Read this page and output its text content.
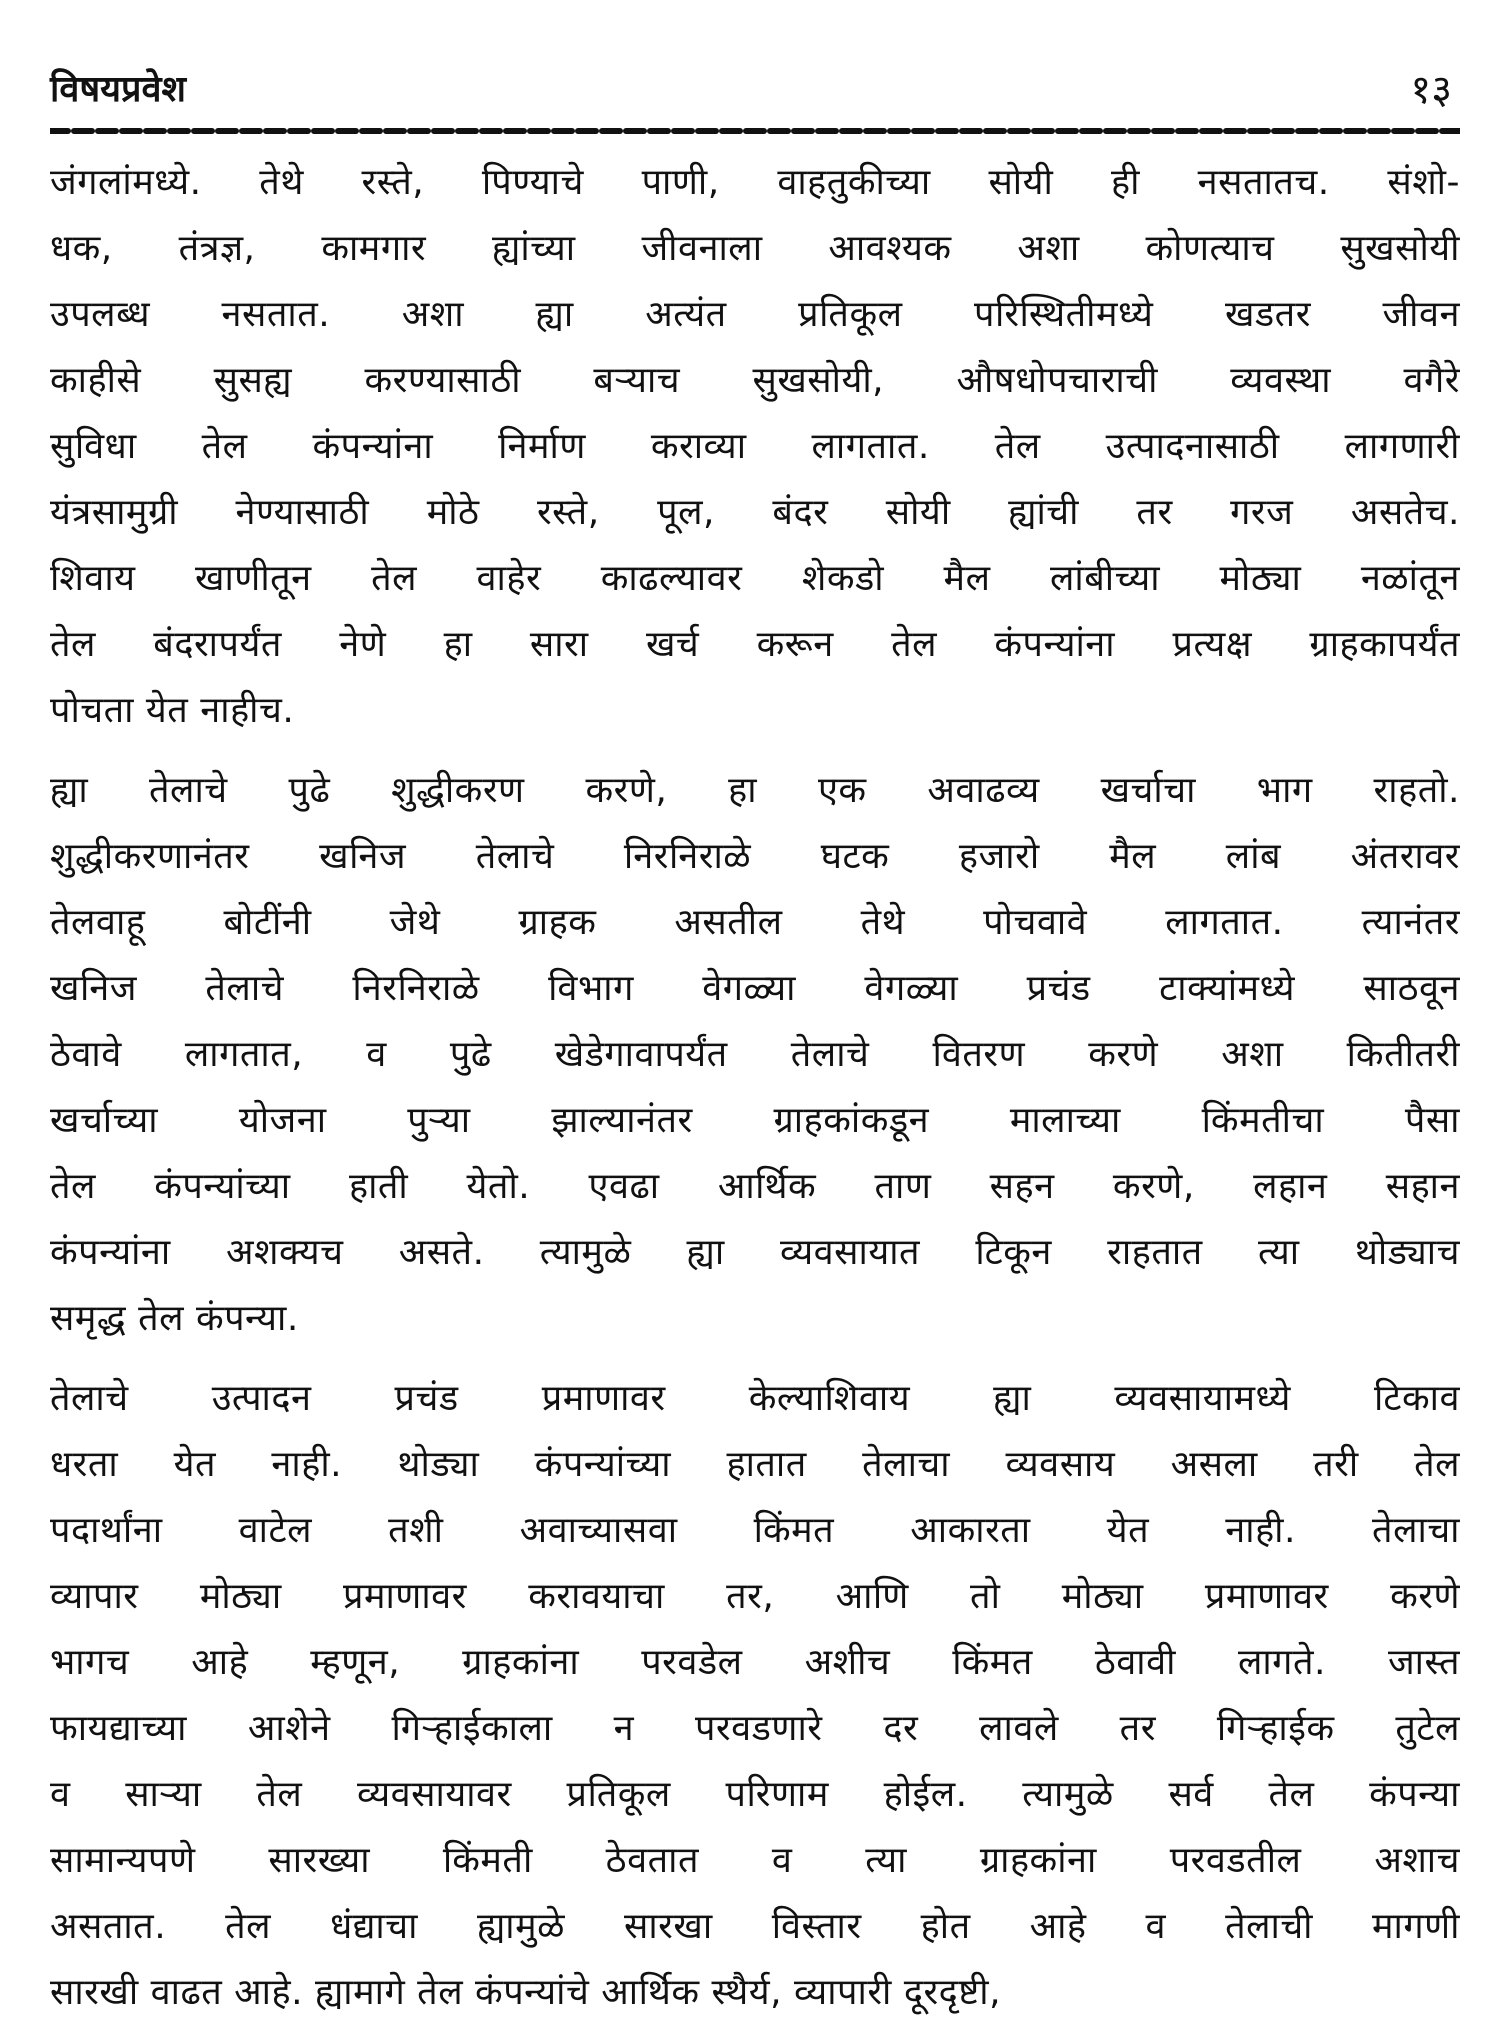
विषयप्रवेश	१३
जंगलांमध्ये. तेथे रस्ते, पिण्याचे पाणी, वाहतुकीच्या सोयी ही नसतातच. संशो-
धक, तंत्रज्ञ, कामगार ह्यांच्या जीवनाला आवश्यक अशा कोणत्याच सुखसोयी
उपलब्ध नसतात. अशा ह्या अत्यंत प्रतिकूल परिस्थितीमध्ये खडतर जीवन
काहीसे सुसह्य करण्यासाठी बऱ्याच सुखसोयी, औषधोपचाराची व्यवस्था वगैरे
सुविधा तेल कंपन्यांना निर्माण कराव्या लागतात. तेल उत्पादनासाठी लागणारी
यंत्रसामुग्री नेण्यासाठी मोठे रस्ते, पूल, बंदर सोयी ह्यांची तर गरज असतेच.
शिवाय खाणीतून तेल वाहेर काढल्यावर शेकडो मैल लांबीच्या मोठ्या नळांतून
तेल बंदरापर्यंत नेणे हा सारा खर्च करून तेल कंपन्यांना प्रत्यक्ष ग्राहकापर्यंत
पोचता येत नाहीच.
ह्या तेलाचे पुढे शुद्धीकरण करणे, हा एक अवाढव्य खर्चाचा भाग राहतो.
शुद्धीकरणानंतर खनिज तेलाचे निरनिराळे घटक हजारो मैल लांब अंतरावर
तेलवाहू बोटींनी जेथे ग्राहक असतील तेथे पोचवावे लागतात. त्यानंतर
खनिज तेलाचे निरनिराळे विभाग वेगळ्या वेगळ्या प्रचंड टाक्यांमध्ये साठवून
ठेवावे लागतात, व पुढे खेडेगावापर्यंत तेलाचे वितरण करणे अशा कितीतरी
खर्चाच्या योजना पुऱ्या झाल्यानंतर ग्राहकांकडून मालाच्या किंमतीचा पैसा
तेल कंपन्यांच्या हाती येतो. एवढा आर्थिक ताण सहन करणे, लहान सहान
कंपन्यांना अशक्यच असते. त्यामुळे ह्या व्यवसायात टिकून राहतात त्या थोड्याच
समृद्ध तेल कंपन्या.
तेलाचे उत्पादन प्रचंड प्रमाणावर केल्याशिवाय ह्या व्यवसायामध्ये टिकाव
धरता येत नाही. थोड्या कंपन्यांच्या हातात तेलाचा व्यवसाय असला तरी तेल
पदार्थांना वाटेल तशी अवाच्यासवा किंमत आकारता येत नाही. तेलाचा
व्यापार मोठ्या प्रमाणावर करावयाचा तर, आणि तो मोठ्या प्रमाणावर करणे
भागच आहे म्हणून, ग्राहकांना परवडेल अशीच किंमत ठेवावी लागते. जास्त
फायद्याच्या आशेने गिऱ्हाईकाला न परवडणारे दर लावले तर गिऱ्हाईक तुटेल
व साऱ्या तेल व्यवसायावर प्रतिकूल परिणाम होईल. त्यामुळे सर्व तेल कंपन्या
सामान्यपणे सारख्या किंमती ठेवतात व त्या ग्राहकांना परवडतील अशाच
असतात. तेल धंद्याचा ह्यामुळे सारखा विस्तार होत आहे व तेलाची मागणी
सारखी वाढत आहे. ह्यामागे तेल कंपन्यांचे आर्थिक स्थैर्य, व्यापारी दूरदृष्टी,
